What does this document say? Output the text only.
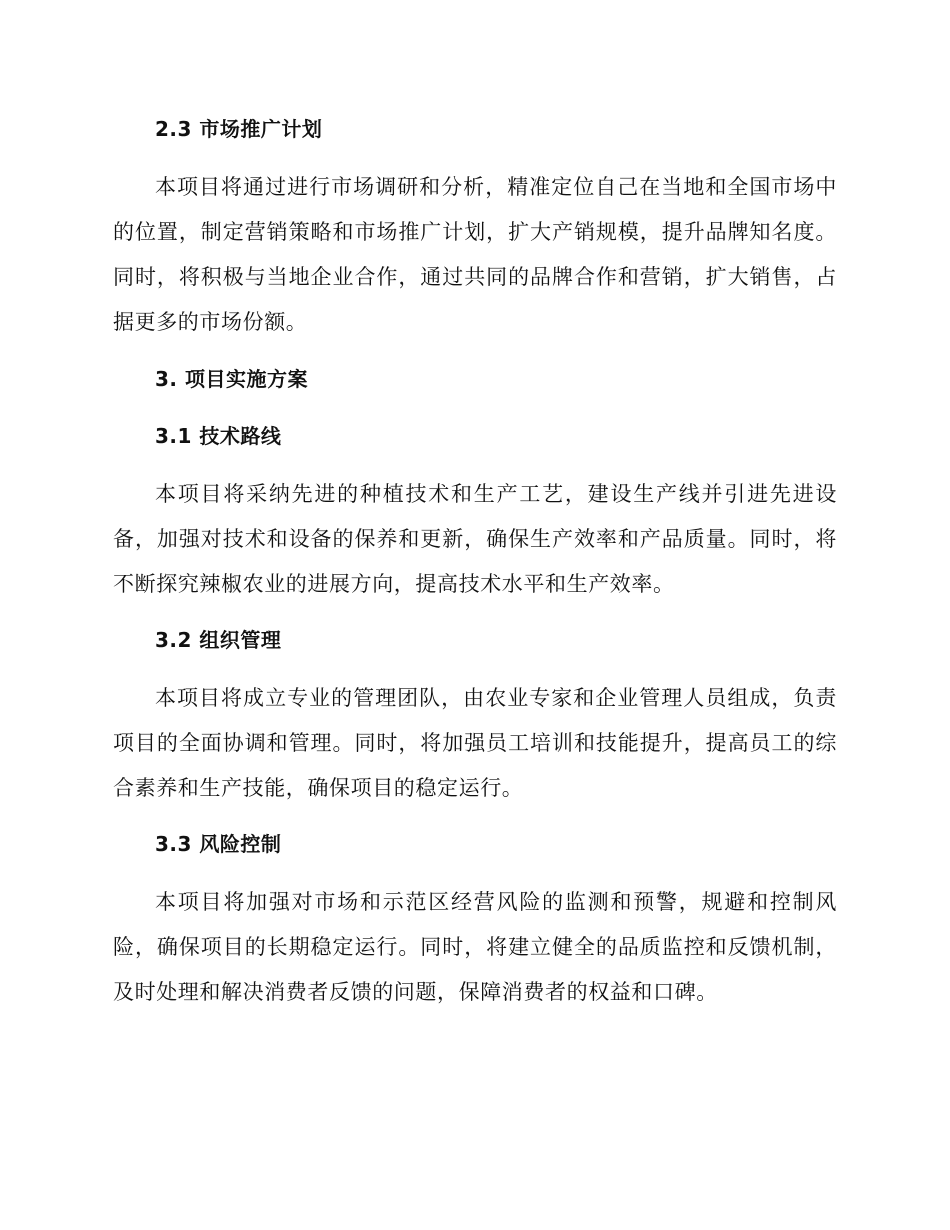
2.3 市场推广计划
本项目将通过进行市场调研和分析，精准定位自己在当地和全国市场中的位置，制定营销策略和市场推广计划，扩大产销规模，提升品牌知名度。同时，将积极与当地企业合作，通过共同的品牌合作和营销，扩大销售，占据更多的市场份额。
3. 项目实施方案
3.1 技术路线
本项目将采纳先进的种植技术和生产工艺，建设生产线并引进先进设备，加强对技术和设备的保养和更新，确保生产效率和产品质量。同时，将不断探究辣椒农业的进展方向，提高技术水平和生产效率。
3.2 组织管理
本项目将成立专业的管理团队，由农业专家和企业管理人员组成，负责项目的全面协调和管理。同时，将加强员工培训和技能提升，提高员工的综合素养和生产技能，确保项目的稳定运行。
3.3 风险控制
本项目将加强对市场和示范区经营风险的监测和预警，规避和控制风险，确保项目的长期稳定运行。同时，将建立健全的品质监控和反馈机制，及时处理和解决消费者反馈的问题，保障消费者的权益和口碑。
